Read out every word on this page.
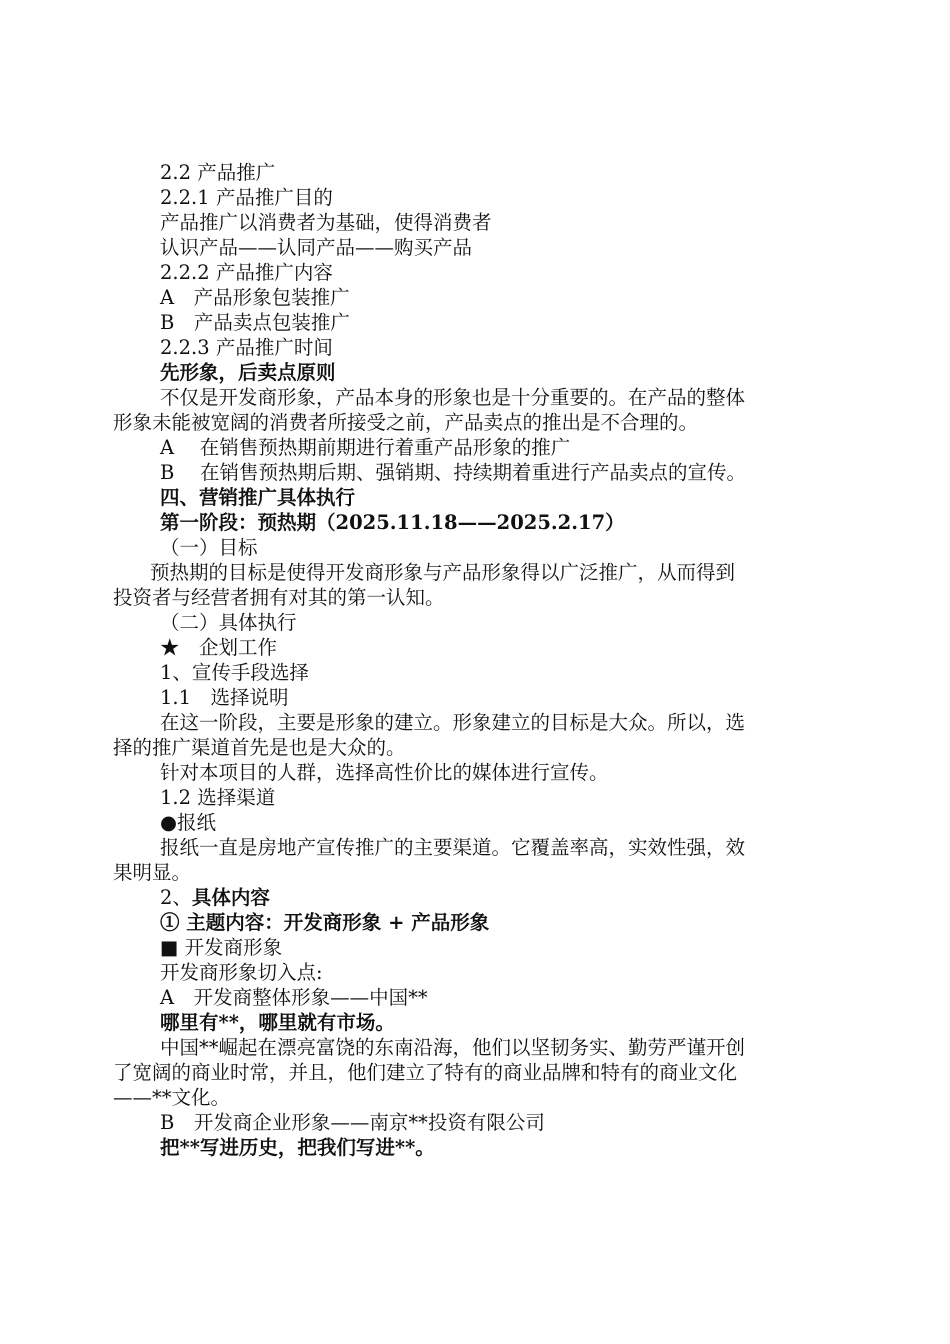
2.2 产品推广
2.2.1 产品推广目的
产品推广以消费者为基础，使得消费者
认识产品——认同产品——购买产品
2.2.2 产品推广内容
A　产品形象包装推广
B　产品卖点包装推广
2.2.3 产品推广时间
先形象，后卖点原则
不仅是开发商形象，产品本身的形象也是十分重要的。在产品的整体
形象未能被宽阔的消费者所接受之前，产品卖点的推出是不合理的。
A　 在销售预热期前期进行着重产品形象的推广
B　 在销售预热期后期、强销期、持续期着重进行产品卖点的宣传。
四、营销推广具体执行
第一阶段：预热期（2025.11.18——2025.2.17）
（一）目标
预热期的目标是使得开发商形象与产品形象得以广泛推广，从而得到
投资者与经营者拥有对其的第一认知。
（二）具体执行
★　企划工作
1、宣传手段选择
1.1　选择说明
在这一阶段，主要是形象的建立。形象建立的目标是大众。所以，选
择的推广渠道首先是也是大众的。
针对本项目的人群，选择高性价比的媒体进行宣传。
1.2 选择渠道
●报纸
报纸一直是房地产宣传推广的主要渠道。它覆盖率高，实效性强，效
果明显。
2、具体内容
① 主题内容：开发商形象 + 产品形象
■ 开发商形象
开发商形象切入点:
A　开发商整体形象——中国**
哪里有**，哪里就有市场。
中国**崛起在漂亮富饶的东南沿海，他们以坚韧务实、勤劳严谨开创
了宽阔的商业时常，并且，他们建立了特有的商业品牌和特有的商业文化
——**文化。
B　开发商企业形象——南京**投资有限公司
把**写进历史，把我们写进**。
